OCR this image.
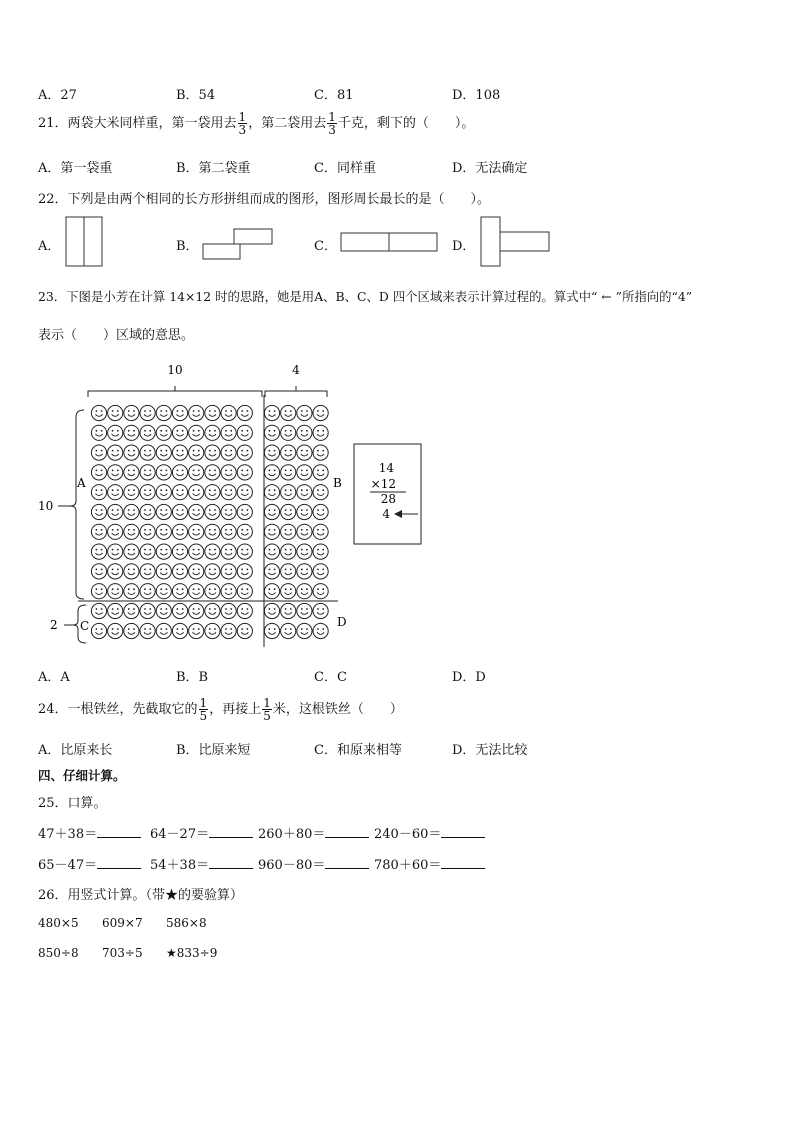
A．27	B．54	C．81	D．108
21．两袋大米同样重，第一袋用去 $\frac{1}{3}$ ，第二袋用去 $\frac{1}{3}$ 千克，剩下的（　　）。
A．第一袋重	B．第二袋重	C．同样重	D．无法确定
22．下列是由两个相同的长方形拼组而成的图形，图形周长最长的是（　　）。
A．	B．	C．	D．
23．下图是小芳在计算 14×12 时的思路，她是用A、B、C、D 四个区域来表示计算过程的。算式中“ ← ”所指向的“4”
表示（　　）区域的意思。
10	4
10
2
A	B
C	D
14
×12
28
4
A．A	B．B	C．C	D．D
24．一根铁丝，先截取它的 $\frac{1}{5}$ ，再接上 $\frac{1}{5}$ 米，这根铁丝（　　）
A．比原来长	B．比原来短	C．和原来相等	D．无法比较
四、仔细计算。
25．口算。
47＋38＝	64－27＝	260＋80＝	240－60＝
65－47＝	54＋38＝	960－80＝	780＋60＝
26．用竖式计算。（带★的要验算）
480×5 609×7 586×8
850÷8 703÷5 ★833÷9
